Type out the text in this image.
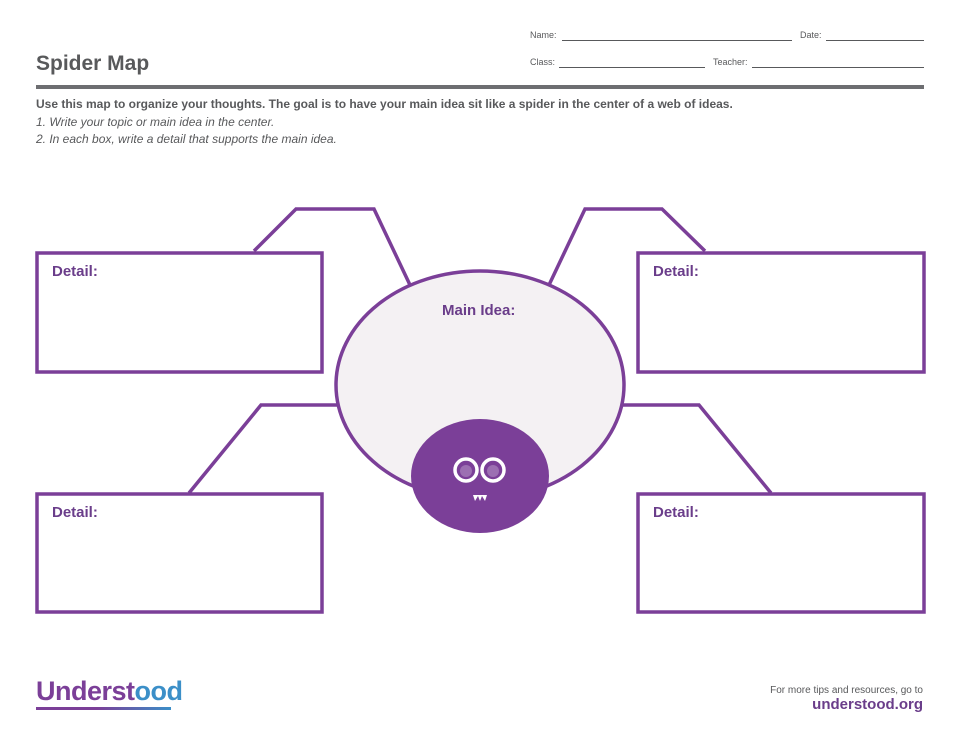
Spider Map
Name:	Date:
Class:	Teacher:
Use this map to organize your thoughts. The goal is to have your main idea sit like a spider in the center of a web of ideas.
1. Write your topic or main idea in the center.
2. In each box, write a detail that supports the main idea.
Detail:	Detail:
Detail:	Detail:
Main Idea:
Understood	For more tips and resources, go to
understood.org
